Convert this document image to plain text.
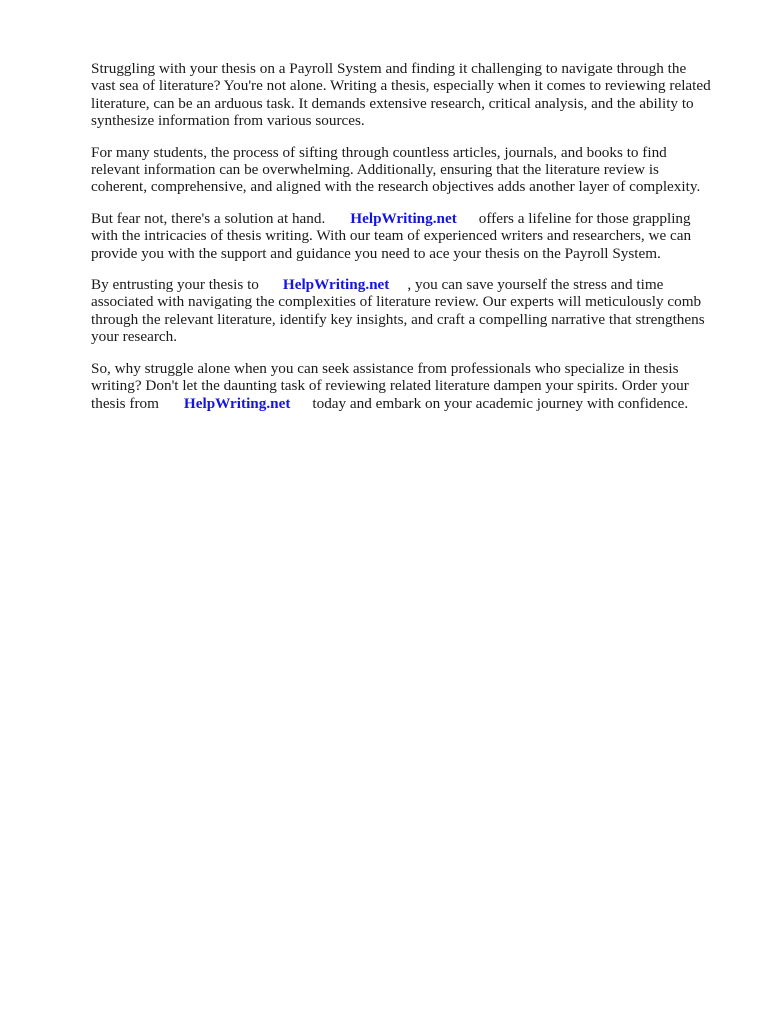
Struggling with your thesis on a Payroll System and finding it challenging to navigate through the
vast sea of literature? You're not alone. Writing a thesis, especially when it comes to reviewing related
literature, can be an arduous task. It demands extensive research, critical analysis, and the ability to
synthesize information from various sources.

For many students, the process of sifting through countless articles, journals, and books to find
relevant information can be overwhelming. Additionally, ensuring that the literature review is
coherent, comprehensive, and aligned with the research objectives adds another layer of complexity.

But fear not, there's a solution at hand. HelpWriting.net offers a lifeline for those grappling
with the intricacies of thesis writing. With our team of experienced writers and researchers, we can
provide you with the support and guidance you need to ace your thesis on the Payroll System.

By entrusting your thesis to HelpWriting.net , you can save yourself the stress and time
associated with navigating the complexities of literature review. Our experts will meticulously comb
through the relevant literature, identify key insights, and craft a compelling narrative that strengthens
your research.

So, why struggle alone when you can seek assistance from professionals who specialize in thesis
writing? Don't let the daunting task of reviewing related literature dampen your spirits. Order your
thesis from HelpWriting.net today and embark on your academic journey with confidence.
